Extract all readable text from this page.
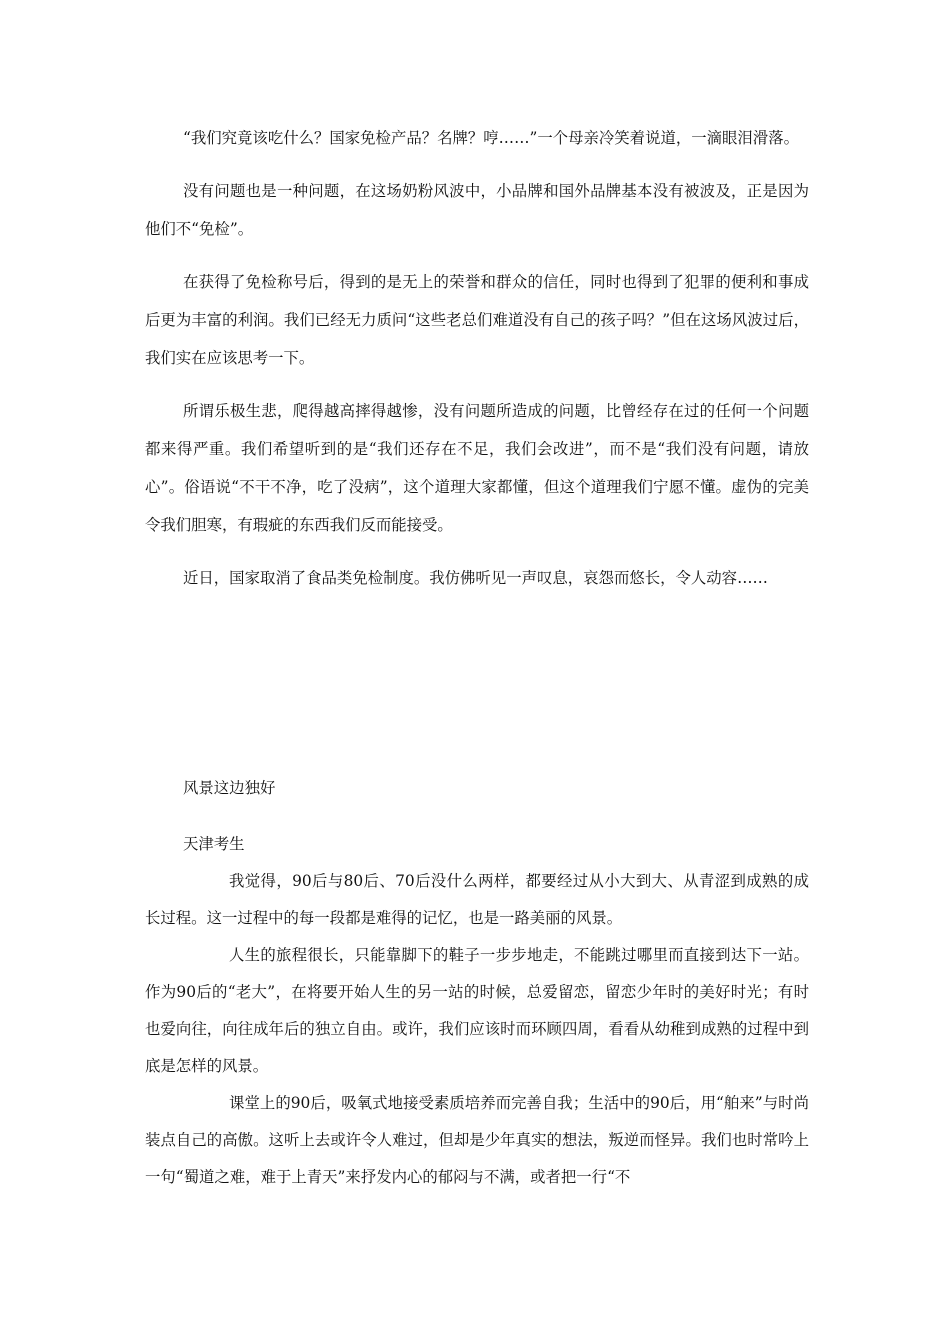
“我们究竟该吃什么？国家免检产品？名牌？哼……”一个母亲冷笑着说道，一滴眼泪滑落。

没有问题也是一种问题，在这场奶粉风波中，小品牌和国外品牌基本没有被波及，正是因为他们不“免检”。

在获得了免检称号后，得到的是无上的荣誉和群众的信任，同时也得到了犯罪的便利和事成后更为丰富的利润。我们已经无力质问“这些老总们难道没有自己的孩子吗？”但在这场风波过后，我们实在应该思考一下。

所谓乐极生悲，爬得越高摔得越惨，没有问题所造成的问题，比曾经存在过的任何一个问题都来得严重。我们希望听到的是“我们还存在不足，我们会改进”，而不是“我们没有问题，请放心”。俗语说“不干不净，吃了没病”，这个道理大家都懂，但这个道理我们宁愿不懂。虚伪的完美令我们胆寒，有瑕疵的东西我们反而能接受。

近日，国家取消了食品类免检制度。我仿佛听见一声叹息，哀怨而悠长，令人动容……

风景这边独好

天津考生

我觉得，90后与80后、70后没什么两样，都要经过从小大到大、从青涩到成熟的成长过程。这一过程中的每一段都是难得的记忆，也是一路美丽的风景。

人生的旅程很长，只能靠脚下的鞋子一步步地走，不能跳过哪里而直接到达下一站。作为90后的“老大”，在将要开始人生的另一站的时候，总爱留恋，留恋少年时的美好时光；有时也爱向往，向往成年后的独立自由。或许，我们应该时而环顾四周，看看从幼稚到成熟的过程中到底是怎样的风景。

课堂上的90后，吸氧式地接受素质培养而完善自我；生活中的90后，用“舶来”与时尚装点自己的高傲。这听上去或许令人难过，但却是少年真实的想法，叛逆而怪异。我们也时常吟上一句“蜀道之难，难于上青天”来抒发内心的郁闷与不满，或者把一行“不
